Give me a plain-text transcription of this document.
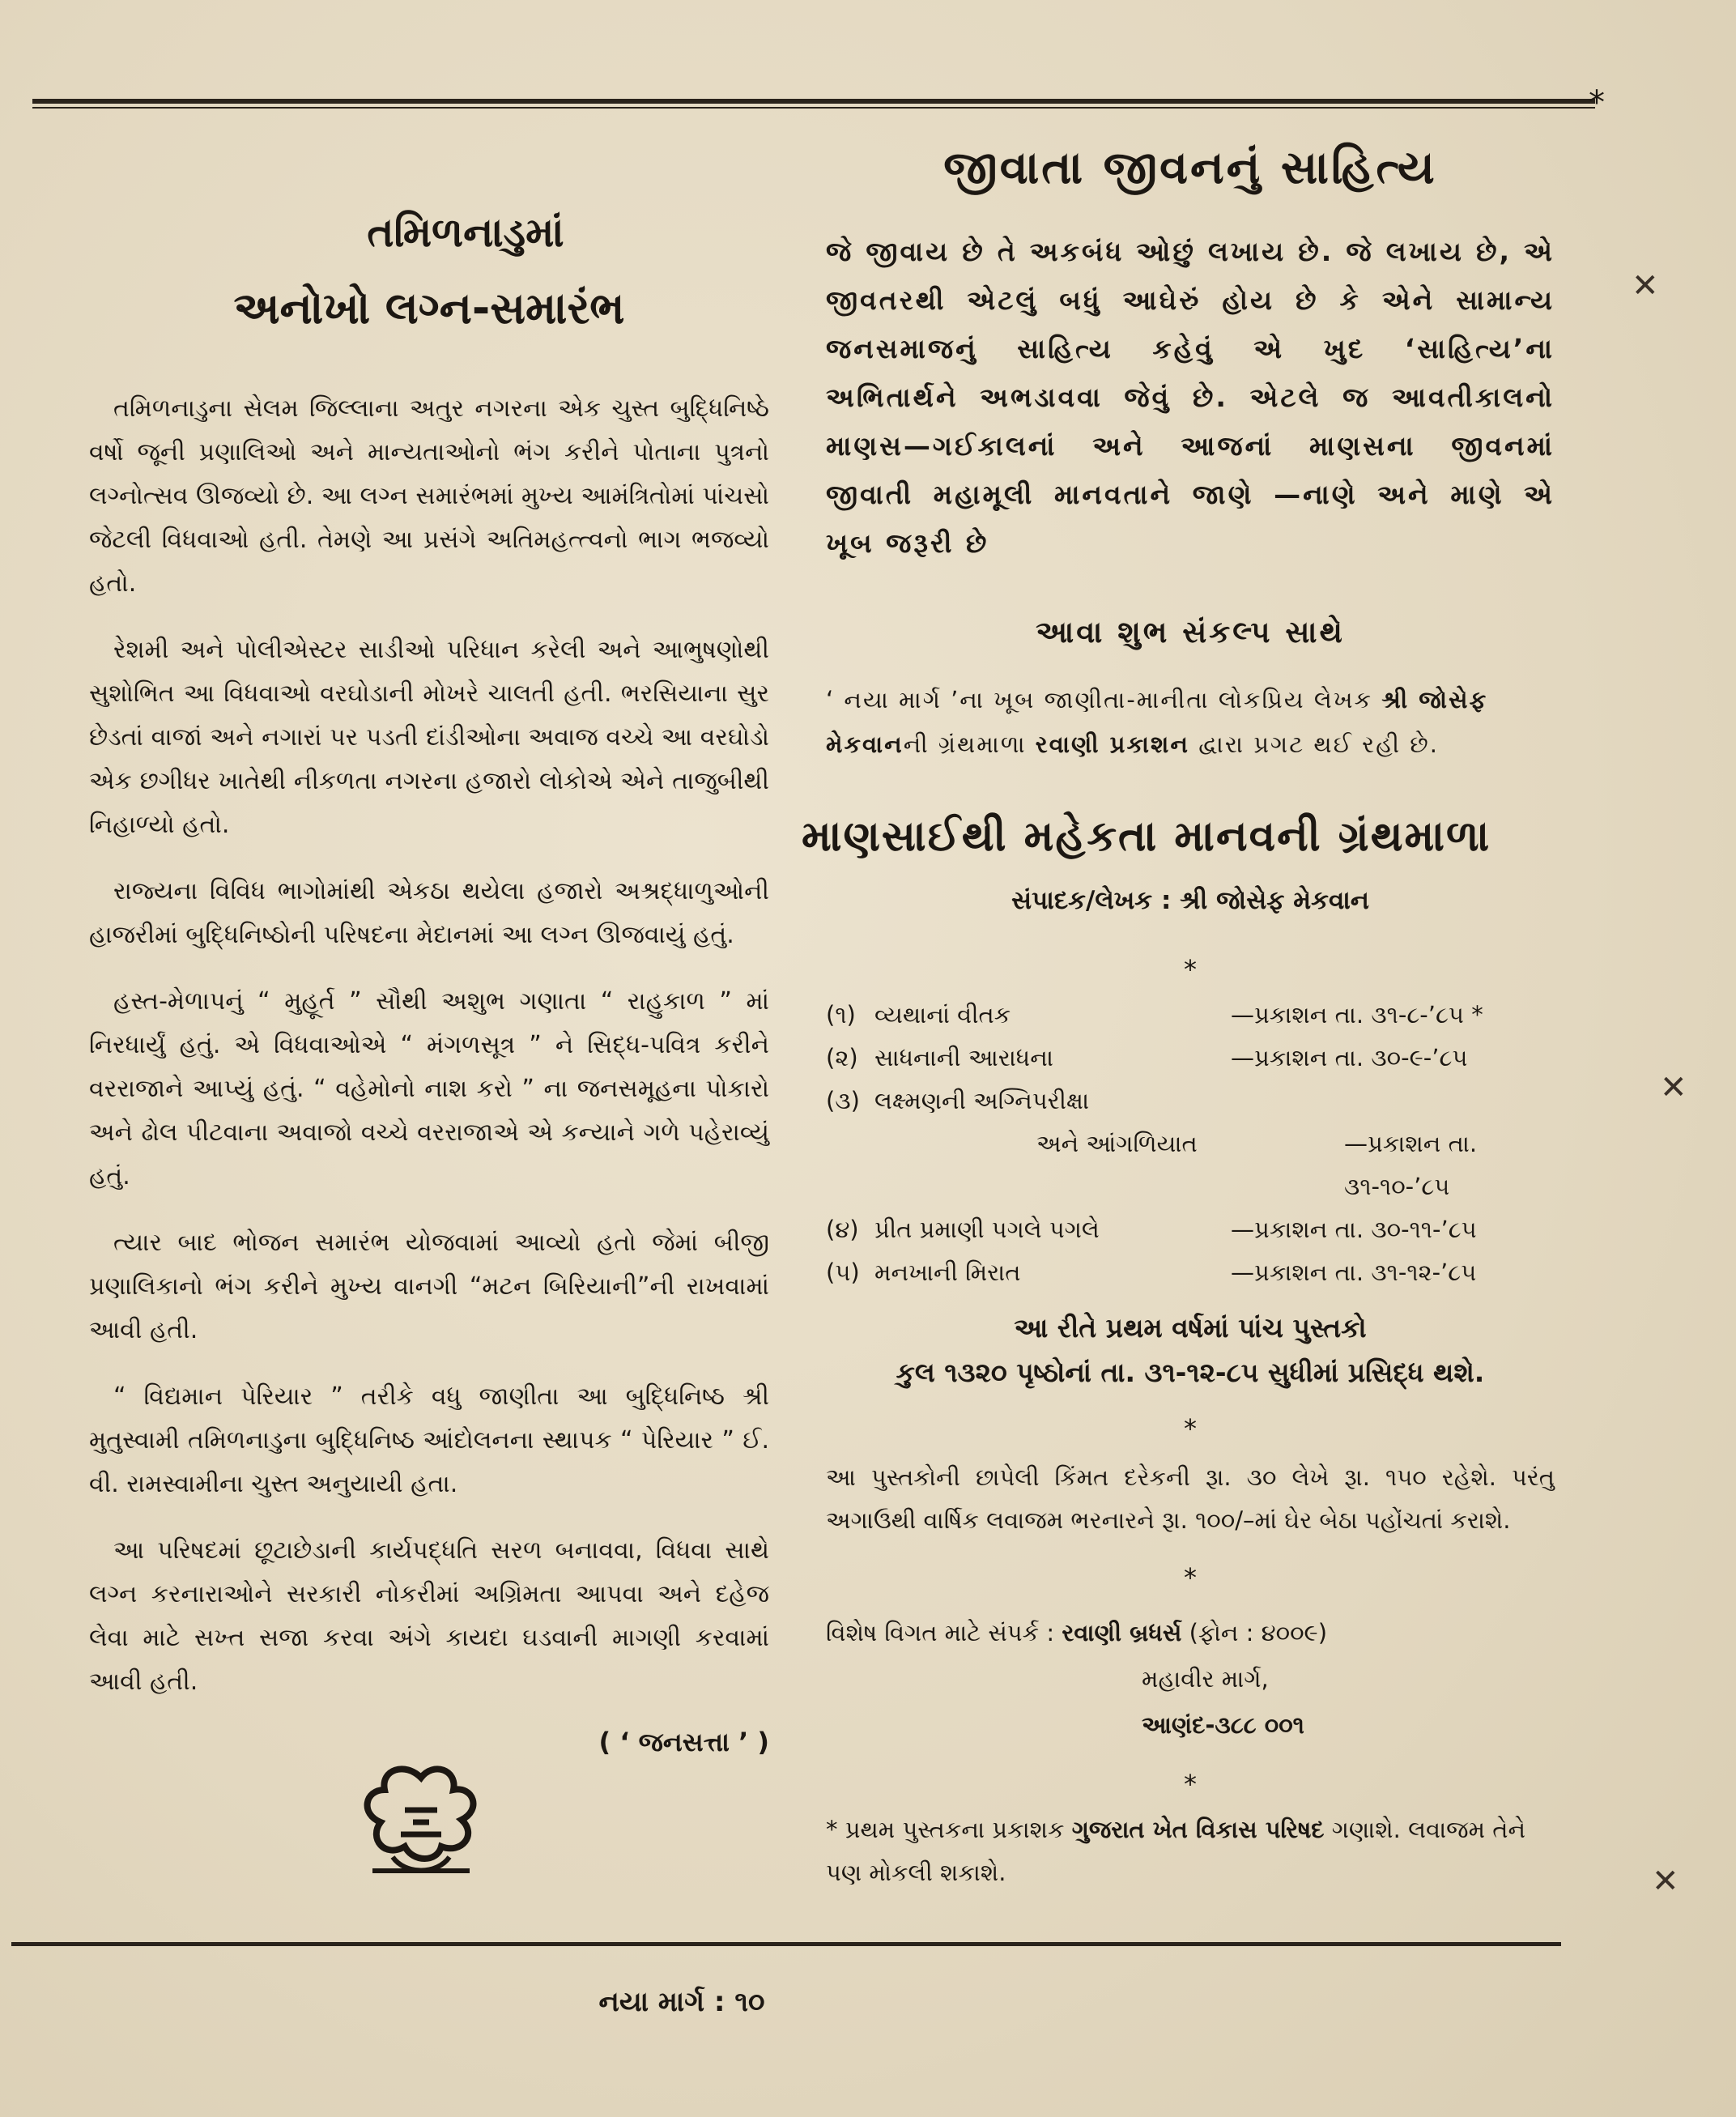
*

તમિળનાડુમાં

અનોખો લગ્ન-સમારંભ

તમિળનાડુના સેલમ જિલ્લાના અતુર નગરના એક ચુસ્ત બુદ્ધિનિષ્ઠે વર્ષો જૂની પ્રણાલિઓ અને માન્યતાઓનો ભંગ કરીને પોતાના પુત્રનો લગ્નોત્સવ ઊજવ્યો છે. આ લગ્ન સમારંભમાં મુખ્ય આમંત્રિતોમાં પાંચસો જેટલી વિધવાઓ હતી. તેમણે આ પ્રસંગે અતિમહત્ત્વનો ભાગ ભજવ્યો હતો.

રેશમી અને પોલીએસ્ટર સાડીઓ પરિધાન કરેલી અને આભુષણોથી સુશોભિત આ વિધવાઓ વરઘોડાની મોખરે ચાલતી હતી. ભરસિયાના સુર છેડતાં વાજાં અને નગારાં પર પડતી દાંડીઓના અવાજ વચ્ચે આ વરઘોડો એક છગીધર ખાતેથી નીકળતા નગરના હજારો લોકોએ એને તાજુબીથી નિહાળ્યો હતો.

રાજ્યના વિવિધ ભાગોમાંથી એકઠા થયેલા હજારો અશ્રદ્ધાળુઓની હાજરીમાં બુદ્ધિનિષ્ઠોની પરિષદના મેદાનમાં આ લગ્ન ઊજવાયું હતું.

હસ્ત-મેળાપનું “ મુહૂર્ત ” સૌથી અશુભ ગણાતા “ રાહુકાળ ” માં નિરધાર્યું હતું. એ વિધવાઓએ “ મંગળસૂત્ર ” ને સિદ્ધ-પવિત્ર કરીને વરરાજાને આપ્યું હતું. “ વહેમોનો નાશ કરો ” ના જનસમૂહના પોકારો અને ઢોલ પીટવાના અવાજો વચ્ચે વરરાજાએ એ કન્યાને ગળે પહેરાવ્યું હતું.

ત્યાર બાદ ભોજન સમારંભ યોજવામાં આવ્યો હતો જેમાં બીજી પ્રણાલિકાનો ભંગ કરીને મુખ્ય વાનગી “મટન બિરિયાની”ની રાખવામાં આવી હતી.

“ વિદ્યમાન પેરિયાર ” તરીકે વધુ જાણીતા આ બુદ્ધિનિષ્ઠ શ્રી મુતુસ્વામી તમિળનાડુના બુદ્ધિનિષ્ઠ આંદોલનના સ્થાપક “ પેરિયાર ” ઈ. વી. રામસ્વામીના ચુસ્ત અનુયાયી હતા.

આ પરિષદમાં છૂટાછેડાની કાર્યપદ્ધતિ સરળ બનાવવા, વિધવા સાથે લગ્ન કરનારાઓને સરકારી નોકરીમાં અગ્રિમતા આપવા અને દહેજ લેવા માટે સખ્ત સજા કરવા અંગે કાયદા ઘડવાની માગણી કરવામાં આવી હતી.

( ‘ જનસત્તા ’ )

જીવાતા જીવનનું સાહિત્ય

જે જીવાય છે તે અકબંધ ઓછું લખાય છે. જે લખાય છે, એ જીવતરથી એટલું બધું આઘેરું હોય છે કે એને સામાન્ય જનસમાજનું સાહિત્ય કહેવું એ ખુદ ‘સાહિત્ય’ના અભિતાર્થને અભડાવવા જેવું છે. એટલે જ આવતીકાલનો માણસ—ગઈકાલનાં અને આજનાં માણસના જીવનમાં જીવાતી મહામૂલી માનવતાને જાણે —નાણે અને માણે એ ખૂબ જરૂરી છે

આવા શુભ સંકલ્પ સાથે

‘ નયા માર્ગ ’ના ખૂબ જાણીતા-માનીતા લોકપ્રિય લેખક શ્રી જોસેફ મેકવાનની ગ્રંથમાળા રવાણી પ્રકાશન દ્વારા પ્રગટ થઈ રહી છે.

માણસાઈથી મહેકતા માનવની ગ્રંથમાળા

સંપાદક/લેખક : શ્રી જોસેફ મેકવાન

*

(૧) વ્યથાનાં વીતક	—પ્રકાશન તા. ૩૧-૮-’૮૫ *
(૨) સાધનાની આરાધના	—પ્રકાશન તા. ૩૦-૯-’૮૫
(૩) લક્ષ્મણની અગ્નિપરીક્ષા
અને આંગળિયાત	—પ્રકાશન તા. ૩૧-૧૦-’૮૫
(૪) પ્રીત પ્રમાણી પગલે પગલે	—પ્રકાશન તા. ૩૦-૧૧-’૮૫
(૫) મનખાની મિરાત	—પ્રકાશન તા. ૩૧-૧૨-’૮૫

આ રીતે પ્રથમ વર્ષમાં પાંચ પુસ્તકો
કુલ ૧૩૨૦ પૃષ્ઠોનાં તા. ૩૧-૧૨-૮૫ સુધીમાં પ્રસિદ્ધ થશે.

*

આ પુસ્તકોની છાપેલી કિંમત દરેકની રૂા. ૩૦ લેખે રૂા. ૧૫૦ રહેશે. પરંતુ અગાઉથી વાર્ષિક લવાજમ ભરનારને રૂા. ૧૦૦/–માં ઘેર બેઠા પહોંચતાં કરાશે.

*

વિશેષ વિગત માટે સંપર્ક : રવાણી બ્રધર્સ (ફોન : ૪૦૦૯)
મહાવીર માર્ગ,
આણંદ-૩૮૮ ૦૦૧

*

* પ્રથમ પુસ્તકના પ્રકાશક ગુજરાત ખેત વિકાસ પરિષદ ગણાશે. લવાજમ તેને પણ મોકલી શકાશે.

નયા માર્ગ : ૧૦
✕
✕
✕
